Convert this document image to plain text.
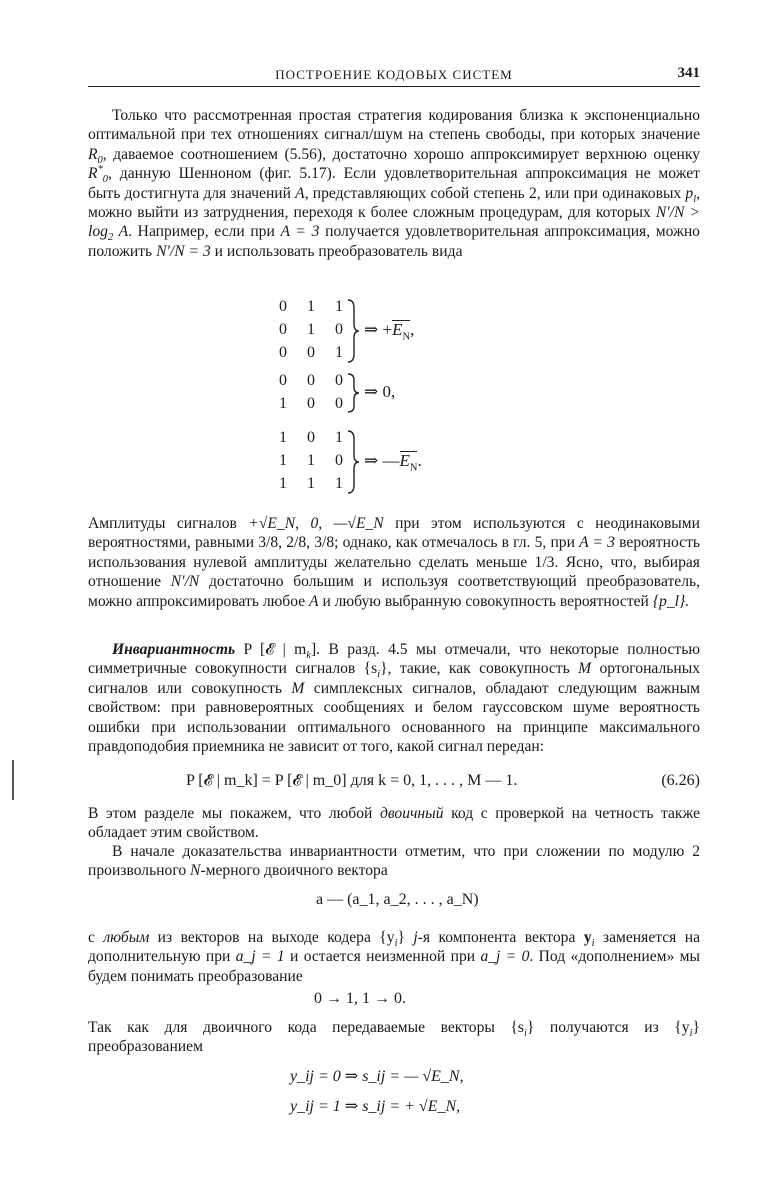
ПОСТРОЕНИЕ КОДОВЫХ СИСТЕМ	341

Только что рассмотренная простая стратегия кодирования близка к экспоненциально оптимальной при тех отношениях сигнал/шум на степень свободы, при которых значение $R_0$, даваемое соотношением (5.56), достаточно хорошо аппроксимирует верхнюю оценку $R^*_0$, данную Шенноном (фиг. 5.17). Если удовлетворительная аппроксимация не может быть достигнута для значений A, представляющих собой степень 2, или при одинаковых $p_l$, можно выйти из затруднения, переходя к более сложным процедурам, для которых $N'/N > \log_2 A$. Например, если при A = 3 получается удовлетворительная аппроксимация, можно положить N′/N = 3 и использовать преобразователь вида

0 1 1
0 1 0
0 0 1
0 0 0
1 0 0
1 0 1
1 1 0
1 1 1
⇒ $+E_N$,
⇒ 0,
⇒ $—E_N$.

Амплитуды сигналов +√E_N, 0, —√E_N при этом используются с неодинаковыми вероятностями, равными 3/8, 2/8, 3/8; однако, как отмечалось в гл. 5, при A = 3 вероятность использования нулевой амплитуды желательно сделать меньше 1/3. Ясно, что, выбирая отношение N′/N достаточно большим и используя соответствующий преобразователь, можно аппроксимировать любое A и любую выбранную совокупность вероятностей {p_l}.

Инвариантность P [𝓔 | $m_k$]. В разд. 4.5 мы отмечали, что некоторые полностью симметричные совокупности сигналов $\{s_i\}$, такие, как совокупность M ортогональных сигналов или совокупность M симплексных сигналов, обладают следующим важным свойством: при равновероятных сообщениях и белом гауссовском шуме вероятность ошибки при использовании оптимального основанного на принципе максимального правдоподобия приемника не зависит от того, какой сигнал передан:

P [𝓔 | m_k] = P [𝓔 | m_0] для k = 0, 1, . . . , M — 1.	(6.26)

В этом разделе мы покажем, что любой двоичный код с проверкой на четность также обладает этим свойством.

В начале доказательства инвариантности отметим, что при сложении по модулю 2 произвольного N-мерного двоичного вектора

a — (a_1, a_2, . . . , a_N)

с любым из векторов на выходе кодера $\{y_i\}$ j-я компонента вектора $y_i$ заменяется на дополнительную при a_j = 1 и остается неизменной при a_j = 0. Под «дополнением» мы будем понимать преобразование

0 → 1, 1 → 0.

Так как для двоичного кода передаваемые векторы $\{s_i\}$ получаются из $\{y_i\}$ преобразованием

y_ij = 0 ⇒ s_ij = — √E_N,
y_ij = 1 ⇒ s_ij = + √E_N,
